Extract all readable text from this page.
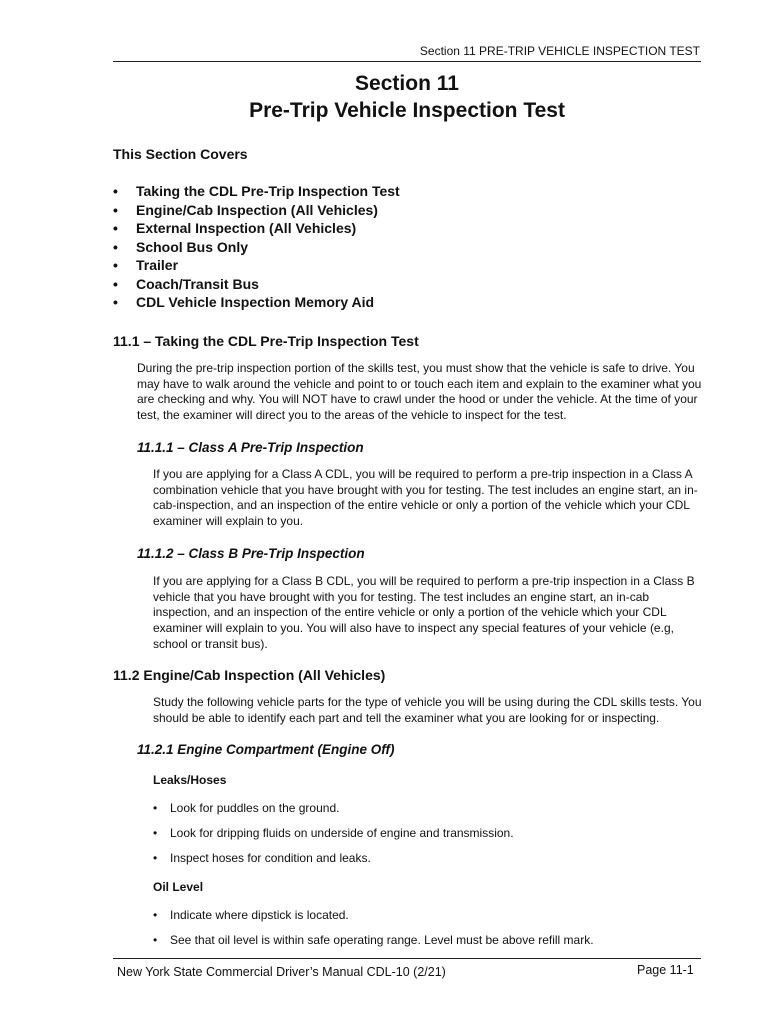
Section 11 PRE-TRIP VEHICLE INSPECTION TEST
Section 11
Pre-Trip Vehicle Inspection Test
This Section Covers
• Taking the CDL Pre-Trip Inspection Test
• Engine/Cab Inspection (All Vehicles)
• External Inspection (All Vehicles)
• School Bus Only
• Trailer
• Coach/Transit Bus
• CDL Vehicle Inspection Memory Aid
11.1 – Taking the CDL Pre-Trip Inspection Test

During the pre-trip inspection portion of the skills test, you must show that the vehicle is safe to drive. You may have to walk around the vehicle and point to or touch each item and explain to the examiner what you are checking and why. You will NOT have to crawl under the hood or under the vehicle. At the time of your test, the examiner will direct you to the areas of the vehicle to inspect for the test.

11.1.1 – Class A Pre-Trip Inspection

If you are applying for a Class A CDL, you will be required to perform a pre-trip inspection in a Class A combination vehicle that you have brought with you for testing. The test includes an engine start, an in-cab-inspection, and an inspection of the entire vehicle or only a portion of the vehicle which your CDL examiner will explain to you.

11.1.2 – Class B Pre-Trip Inspection

If you are applying for a Class B CDL, you will be required to perform a pre-trip inspection in a Class B vehicle that you have brought with you for testing. The test includes an engine start, an in-cab inspection, and an inspection of the entire vehicle or only a portion of the vehicle which your CDL examiner will explain to you. You will also have to inspect any special features of your vehicle (e.g, school or transit bus).

11.2 Engine/Cab Inspection (All Vehicles)

Study the following vehicle parts for the type of vehicle you will be using during the CDL skills tests. You should be able to identify each part and tell the examiner what you are looking for or inspecting.

11.2.1 Engine Compartment (Engine Off)
Leaks/Hoses
• Look for puddles on the ground.
• Look for dripping fluids on underside of engine and transmission.
• Inspect hoses for condition and leaks.
Oil Level
• Indicate where dipstick is located.
• See that oil level is within safe operating range. Level must be above refill mark.
New York State Commercial Driver’s Manual CDL-10 (2/21)	Page 11-1
